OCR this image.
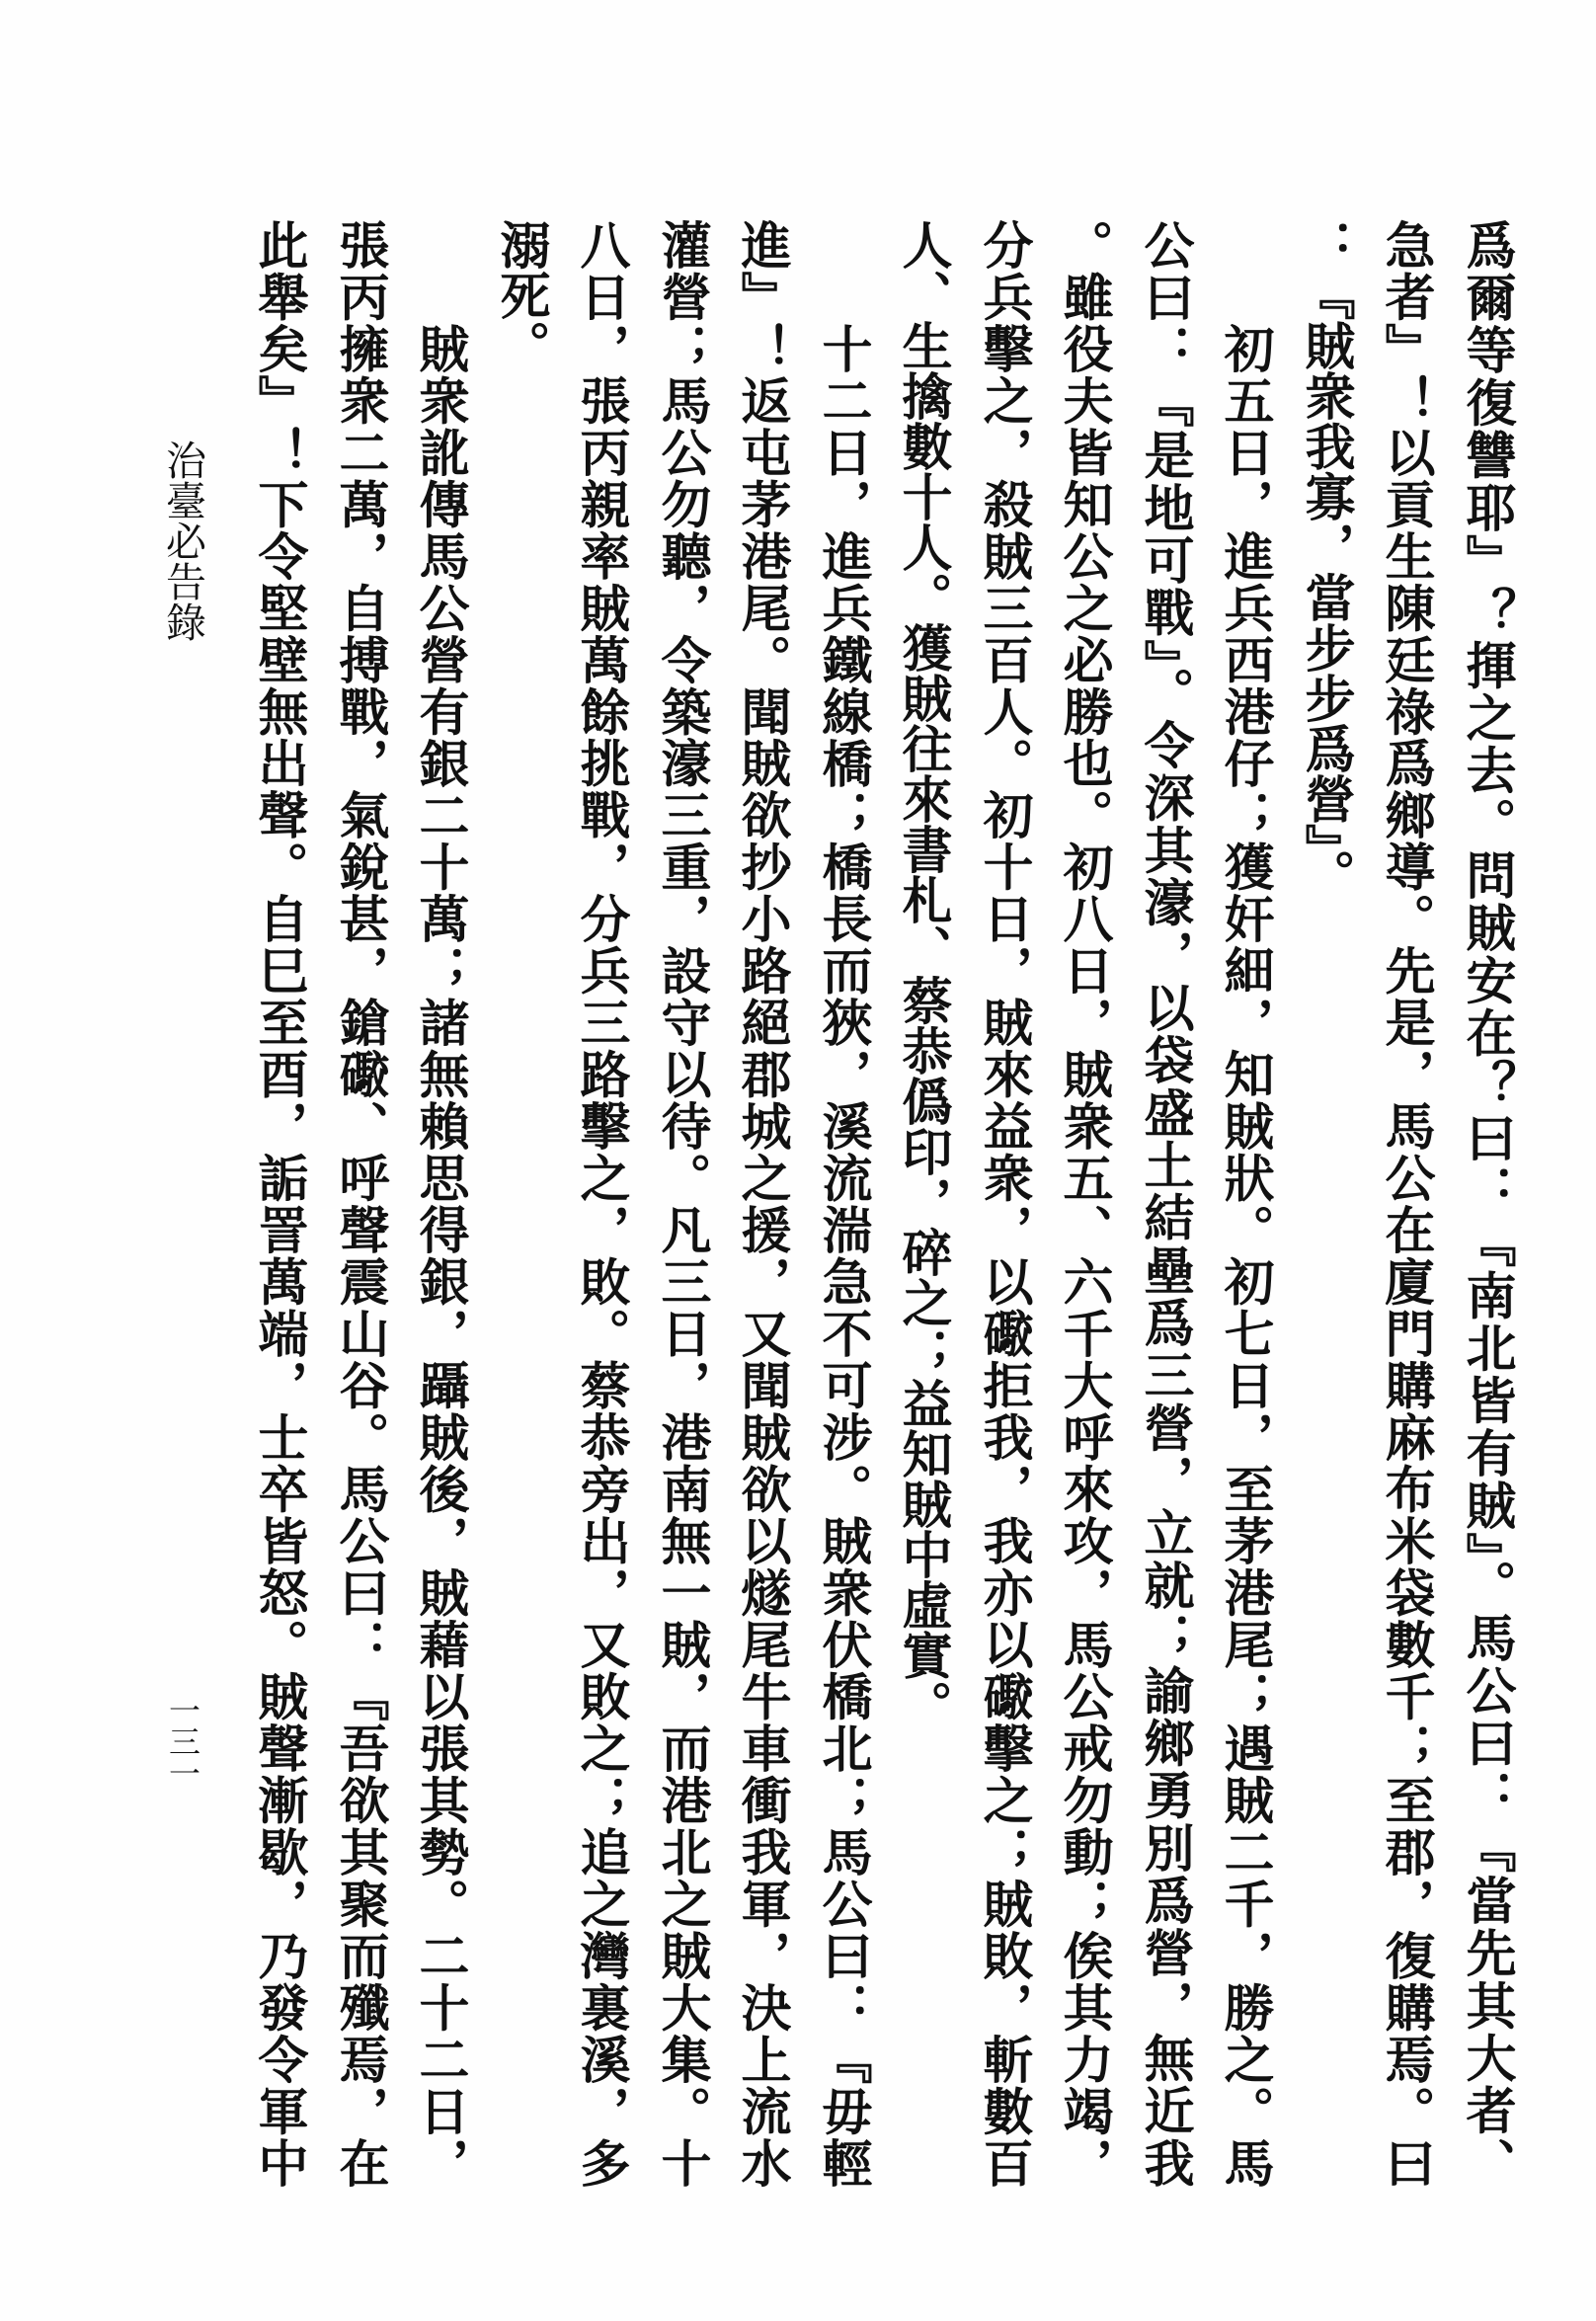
爲爾等復讐耶』？揮之去。問賊安在？曰：『南北皆有賊』。馬公曰：『當先其大者、
急者』！以貢生陳廷祿爲鄉導。先是，馬公在廈門購麻布米袋數千；至郡，復購焉。曰
：『賊衆我寡，當步步爲營』。
初五日，進兵西港仔；獲奸細，知賊狀。初七日，至茅港尾；遇賊二千，勝之。馬
公曰：『是地可戰』。令深其濠，以袋盛土結壘爲三營，立就；諭鄉勇別爲營，無近我
。雖役夫皆知公之必勝也。初八日，賊衆五、六千大呼來攻，馬公戒勿動；俟其力竭，
分兵擊之，殺賊三百人。初十日，賊來益衆，以礮拒我，我亦以礮擊之；賊敗，斬數百
人、生擒數十人。獲賊往來書札、蔡恭僞印，碎之；益知賊中虛實。
十二日，進兵鐵線橋；橋長而狹，溪流湍急不可涉。賊衆伏橋北；馬公曰：『毋輕
進』！返屯茅港尾。聞賊欲抄小路絕郡城之援，又聞賊欲以燧尾牛車衝我軍，決上流水
灌營；馬公勿聽，令築濠三重，設守以待。凡三日，港南無一賊，而港北之賊大集。十
八日，張丙親率賊萬餘挑戰，分兵三路擊之，敗。蔡恭旁出，又敗之；追之灣裏溪，多
溺死。
賊衆訛傳馬公營有銀二十萬；諸無賴思得銀，躡賊後，賊藉以張其勢。二十二日，
張丙擁衆二萬，自搏戰，氣銳甚，鎗礮、呼聲震山谷。馬公曰：『吾欲其聚而殲焉，在
此舉矣』！下令堅壁無出聲。自巳至酉，詬詈萬端，士卒皆怒。賊聲漸歇，乃發令軍中
治臺必告錄
一三一
